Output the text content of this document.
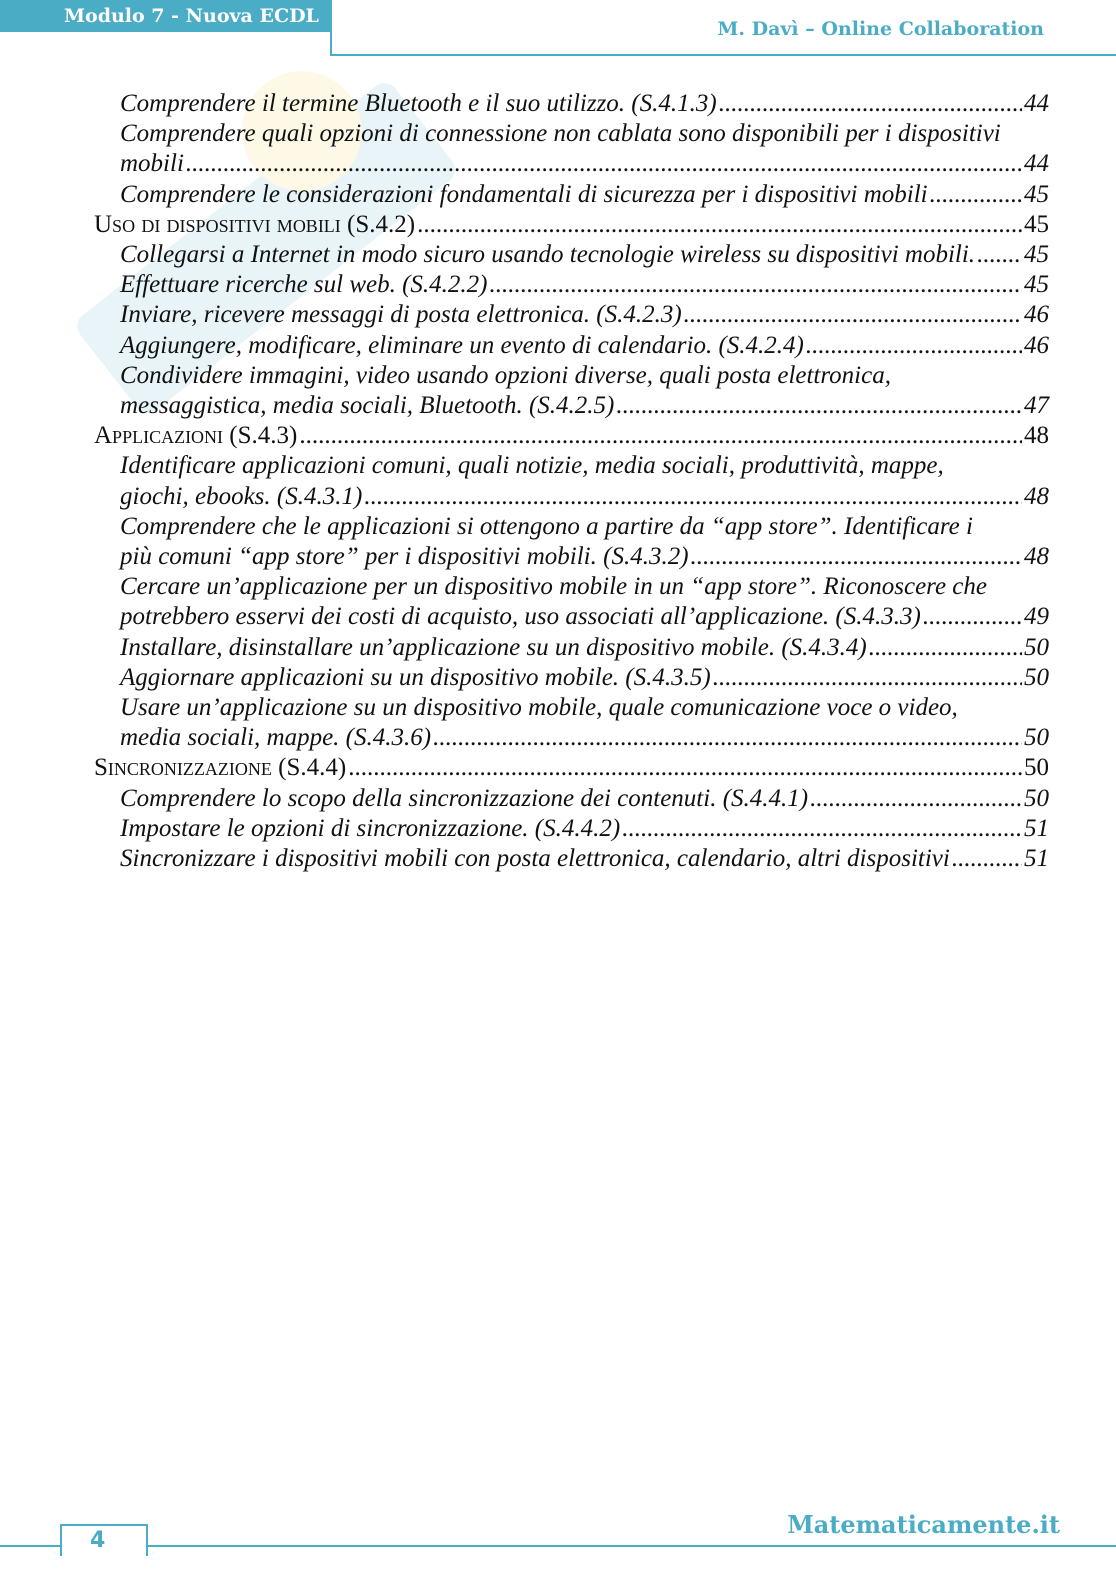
Modulo 7 - Nuova ECDL
M. Davì – Online Collaboration
Comprendere il termine Bluetooth e il suo utilizzo. (S.4.1.3) .....	44
Comprendere quali opzioni di connessione non cablata sono disponibili per i dispositivi
mobili .....	44
Comprendere le considerazioni fondamentali di sicurezza per i dispositivi mobili .....	45
Uso di dispositivi mobili (S.4.2) .....	45
Collegarsi a Internet in modo sicuro usando tecnologie wireless su dispositivi mobili. ..... 45
Effettuare ricerche sul web. (S.4.2.2) .....	45
Inviare, ricevere messaggi di posta elettronica. (S.4.2.3) .....	46
Aggiungere, modificare, eliminare un evento di calendario. (S.4.2.4) .....	46
Condividere immagini, video usando opzioni diverse, quali posta elettronica,
messaggistica, media sociali, Bluetooth. (S.4.2.5) .....	47
Applicazioni (S.4.3) .....	48
Identificare applicazioni comuni, quali notizie, media sociali, produttività, mappe,
giochi, ebooks. (S.4.3.1) .....	48
Comprendere che le applicazioni si ottengono a partire da “app store”. Identificare i
più comuni “app store” per i dispositivi mobili. (S.4.3.2) .....	48
Cercare un’applicazione per un dispositivo mobile in un “app store”. Riconoscere che
potrebbero esservi dei costi di acquisto, uso associati all’applicazione. (S.4.3.3) .....	49
Installare, disinstallare un’applicazione su un dispositivo mobile. (S.4.3.4) .....	50
Aggiornare applicazioni su un dispositivo mobile. (S.4.3.5) .....	50
Usare un’applicazione su un dispositivo mobile, quale comunicazione voce o video,
media sociali, mappe. (S.4.3.6) .....	50
Sincronizzazione (S.4.4) .....	50
Comprendere lo scopo della sincronizzazione dei contenuti. (S.4.4.1) .....	50
Impostare le opzioni di sincronizzazione. (S.4.4.2) .....	51
Sincronizzare i dispositivi mobili con posta elettronica, calendario, altri dispositivi .....	51
4
Matematicamente.it
